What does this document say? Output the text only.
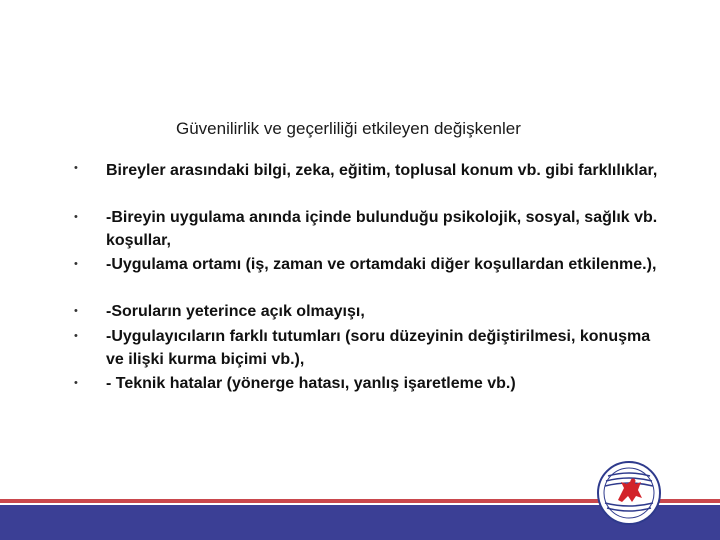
Güvenilirlik ve geçerliliği etkileyen değişkenler
• Bireyler arasındaki bilgi, zeka, eğitim, toplusal konum vb. gibi farklılıklar,
• -Bireyin uygulama anında içinde bulunduğu psikolojik, sosyal, sağlık vb. koşullar,
• -Uygulama ortamı (iş, zaman ve ortamdaki diğer koşullardan etkilenme.),
• -Soruların yeterince açık olmayışı,
• -Uygulayıcıların farklı tutumları (soru düzeyinin değiştirilmesi, konuşma ve ilişki kurma biçimi vb.),
• - Teknik hatalar (yönerge hatası, yanlış işaretleme vb.)
